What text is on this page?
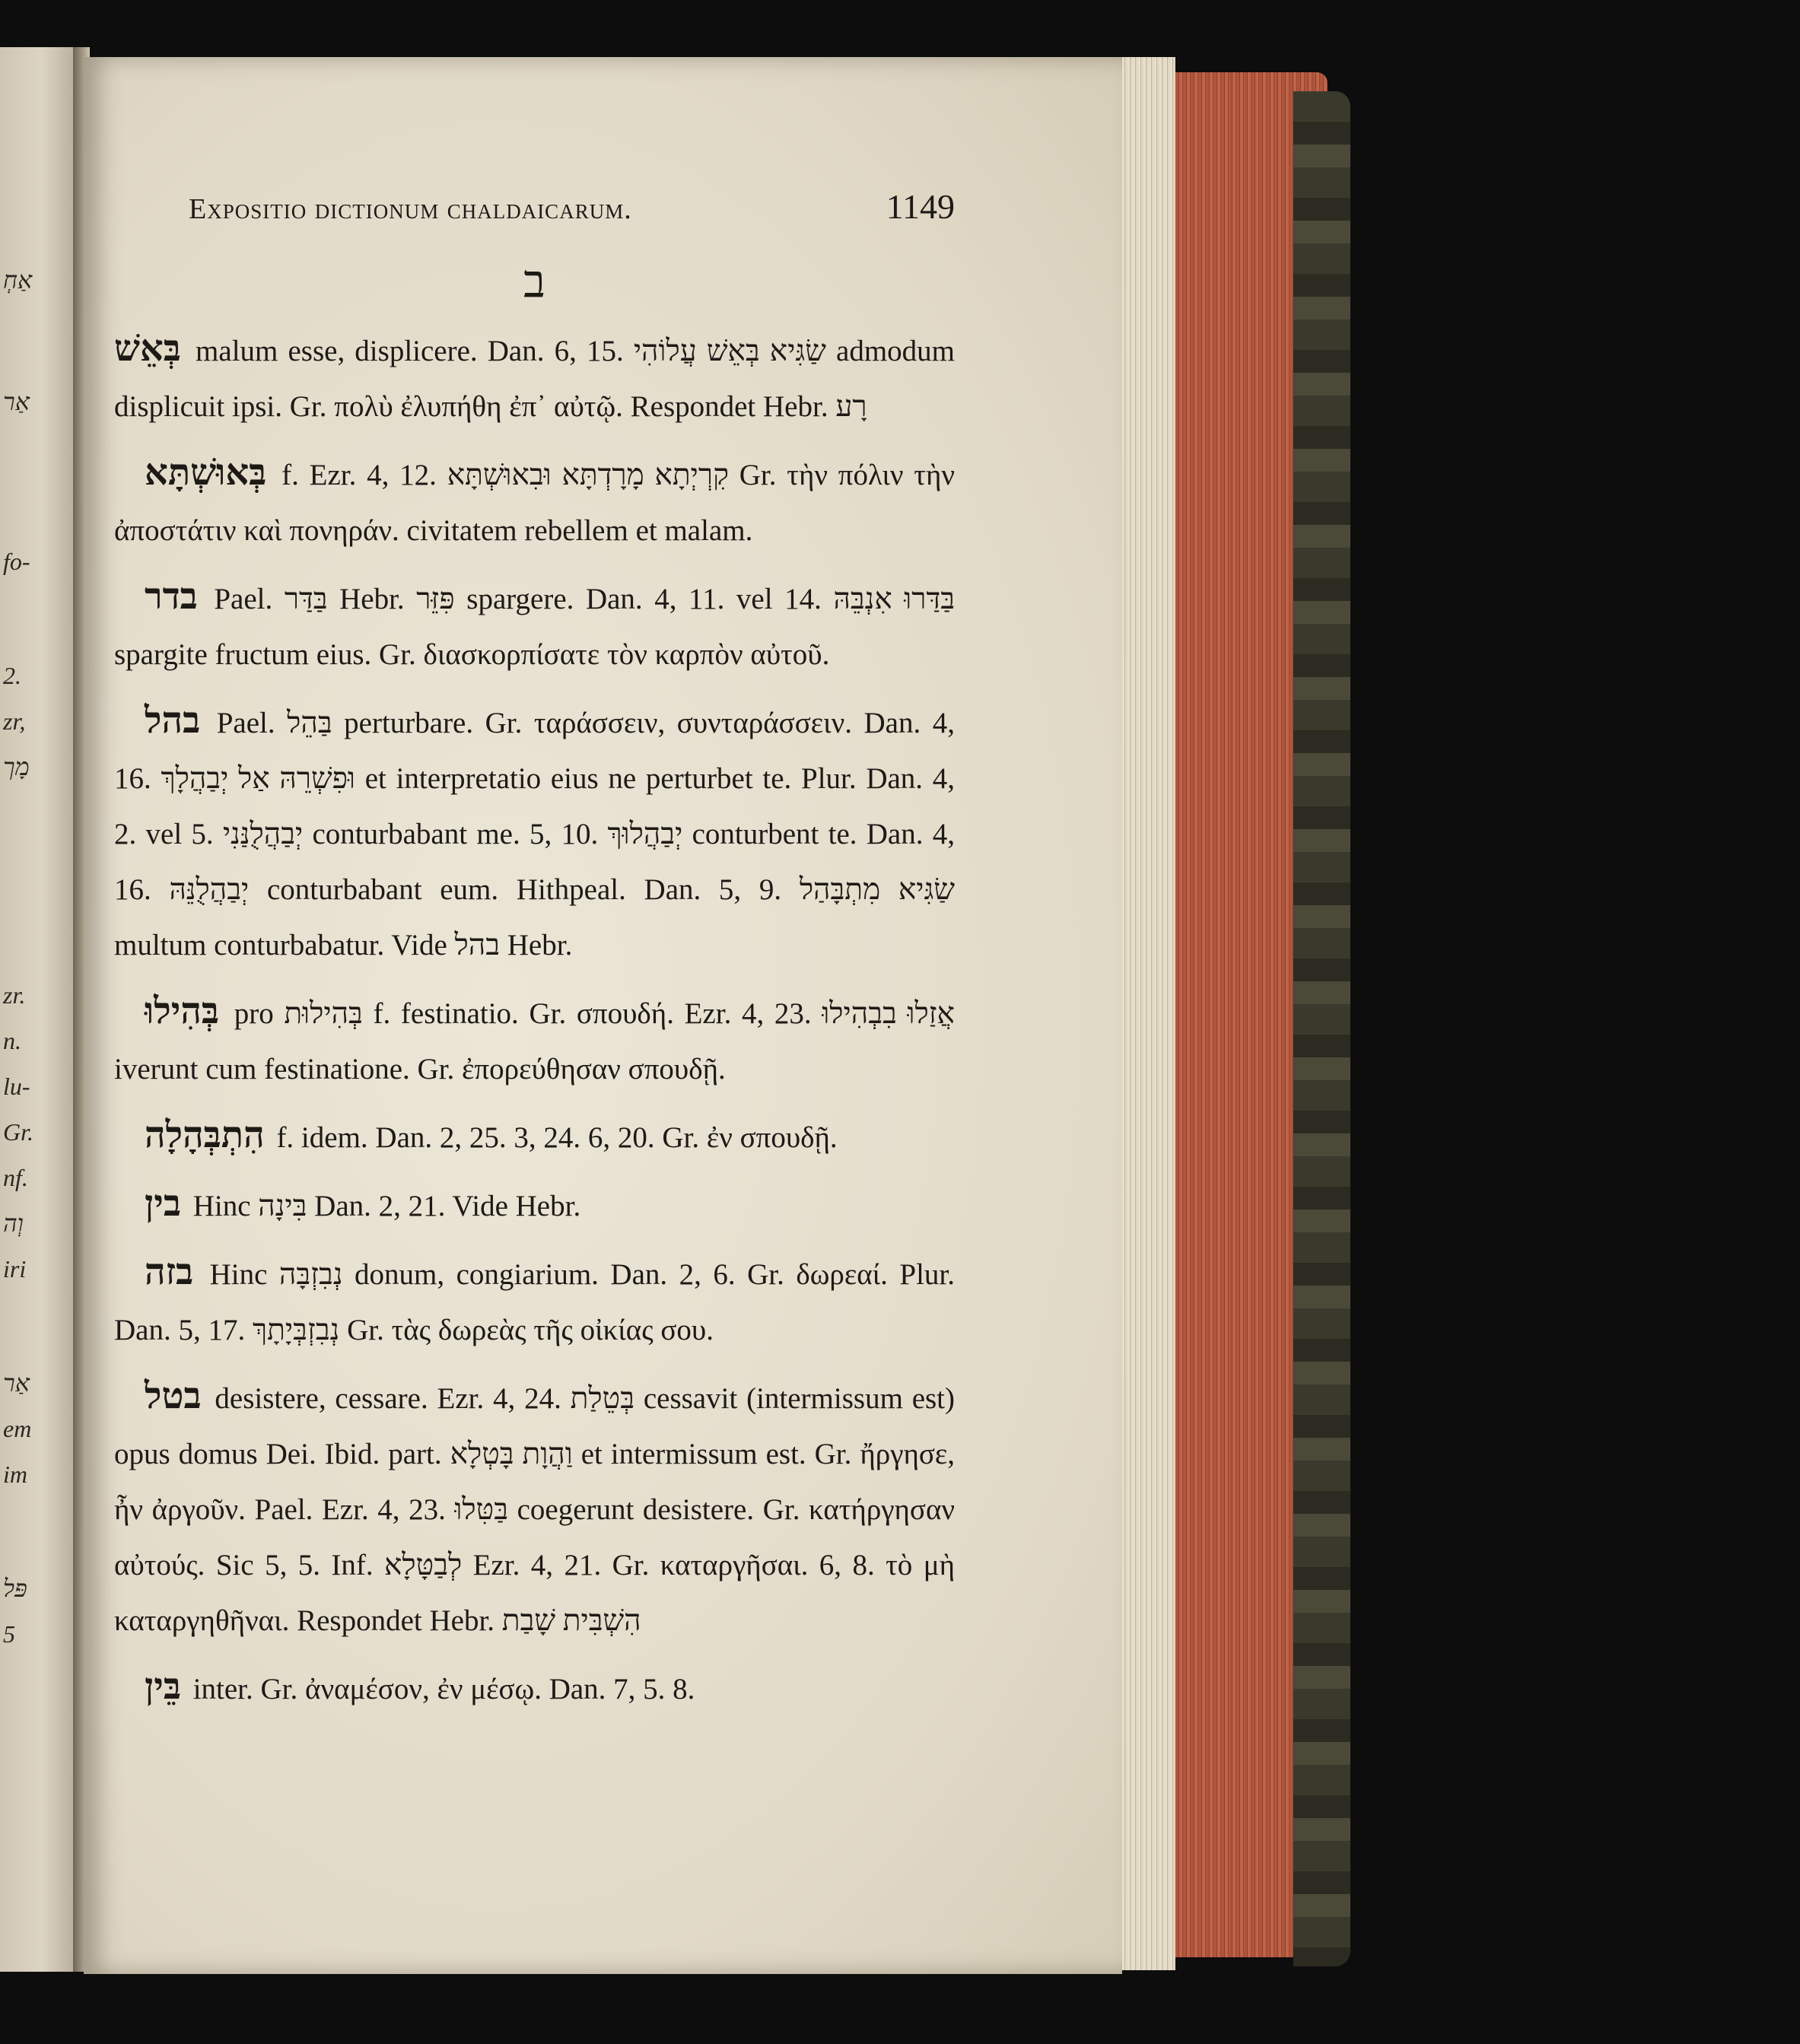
אַחְ
אַר
fo-
2.
zr,
מָך
zr.
n.
lu-
Gr.
nf.
וְה
iri
אַר
em
im
פּל
5
Expositio dictionum chaldaicarum.	1149
ב

בְּאֵשׁ malum esse, displicere. Dan. 6, 15. שַׂגִּיא בְּאֵשׁ עֲלוֹהִי admodum displicuit ipsi. Gr. πολὺ ἐλυπήθη ἐπ᾽ αὐτῷ. Respondet Hebr. רָע

בְּאוּשְׁתָּא f. Ezr. 4, 12. קִרְיְתָא מָרָדְתָּא וּבִאוּשְׁתָּא Gr. τὴν πόλιν τὴν ἀποστάτιν καὶ πονηράν. civitatem rebellem et malam.

בדר Pael. בַּדַּר Hebr. פִּזֵּר spargere. Dan. 4, 11. vel 14. בַּדַּרוּ אִנְבֵּהּ spargite fructum eius. Gr. διασκορπίσατε τὸν καρπὸν αὐτοῦ.

בהל Pael. בַּהֵל perturbare. Gr. ταράσσειν, συνταράσσειν. Dan. 4, 16. וּפִשְׁרֵהּ אַל יְבַהֲלָךְ et interpretatio eius ne perturbet te. Plur. Dan. 4, 2. vel 5. יְבַהֲלֻנַּנִי conturbabant me. 5, 10. יְבַהֲלוּךְ conturbent te. Dan. 4, 16. יְבַהֲלֻנֵּהּ conturbabant eum. Hithpeal. Dan. 5, 9. שַׂגִּיא מִתְבָּהַל multum conturbabatur. Vide בהל Hebr.

בְּהִילוּ pro בְּהִילוּת f. festinatio. Gr. σπουδή. Ezr. 4, 23. אֲזַלוּ בִבְהִילוּ iverunt cum festinatione. Gr. ἐπορεύθησαν σπουδῇ.

הִתְבְּהָלָה f. idem. Dan. 2, 25. 3, 24. 6, 20. Gr. ἐν σπουδῇ.

בין Hinc בִּינָה Dan. 2, 21. Vide Hebr.

בזה Hinc נְבִזְבָּה donum, congiarium. Dan. 2, 6. Gr. δωρεαί. Plur. Dan. 5, 17. נְבִזְבְּיָתָךְ Gr. τὰς δωρεὰς τῆς οἰκίας σου.

בטל desistere, cessare. Ezr. 4, 24. בְּטֵלַת cessavit (intermissum est) opus domus Dei. Ibid. part. וַהֲוָת בָּטְלָא et intermissum est. Gr. ἤργησε, ἦν ἀργοῦν. Pael. Ezr. 4, 23. בַּטִּלוּ coegerunt desistere. Gr. κατήργησαν αὐτούς. Sic 5, 5. Inf. לְבַטָּלָא Ezr. 4, 21. Gr. καταργῆσαι. 6, 8. τὸ μὴ καταργηθῆναι. Respondet Hebr. הִשְׁבִּית שָׁבַת

בֵּין inter. Gr. ἀναμέσον, ἐν μέσῳ. Dan. 7, 5. 8.
